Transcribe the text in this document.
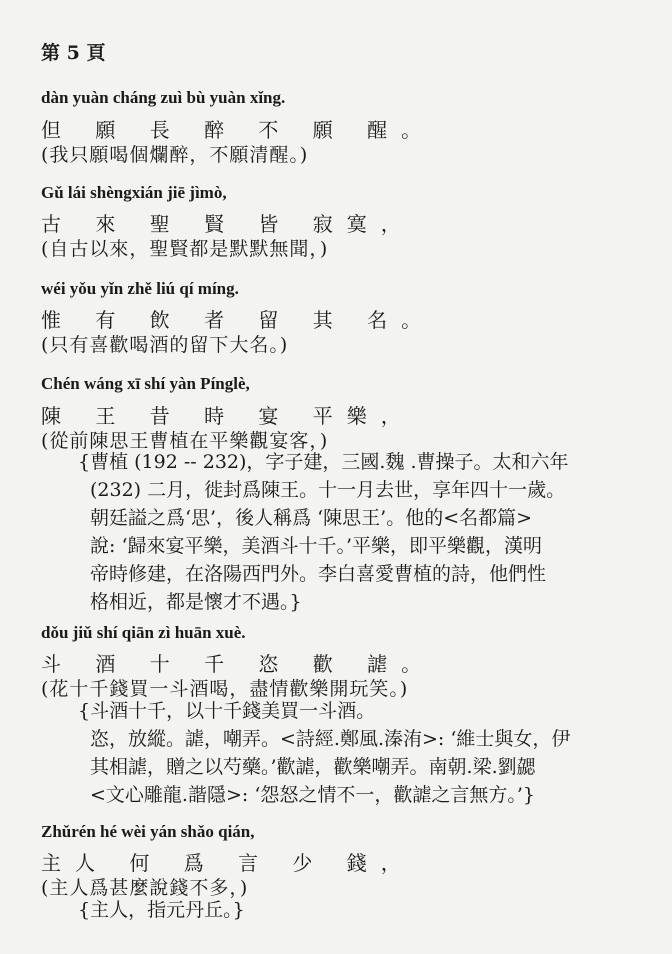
第 5 頁
dàn yuàn cháng zuì bù yuàn xǐng.
但 願 長 醉 不 願 醒。
(我只願喝個爛醉，不願清醒。)
Gǔ lái shèngxián jiē jìmò,
古 來 聖 賢 皆 寂寞，
(自古以來，聖賢都是默默無聞，)
wéi yǒu yǐn zhě liú qí míng.
惟 有 飲 者 留 其 名。
(只有喜歡喝酒的留下大名。)
Chén wáng xī shí yàn Pínglè,
陳 王 昔 時 宴 平樂，
(從前陳思王曹植在平樂觀宴客，)

{曹植 (192 -- 232)，字子建，三國.魏 .曹操子。太和六年

(232) 二月，徙封爲陳王。十一月去世，享年四十一歲。

朝廷謚之爲‘思’，後人稱爲 ‘陳思王’。他的<名都篇>

說: ‘歸來宴平樂，美酒斗十千。’平樂，即平樂觀，漢明

帝時修建，在洛陽西門外。李白喜愛曹植的詩，他們性

格相近，都是懷才不遇。}

dǒu jiǔ shí qiān zì huān xuè.
斗 酒 十 千 恣 歡 謔。
(花十千錢買一斗酒喝，盡情歡樂開玩笑。)

{斗酒十千，以十千錢美買一斗酒。

恣，放縱。謔，嘲弄。<詩經.鄭風.溱洧>: ‘維士與女，伊

其相謔，贈之以芍藥。’歡謔，歡樂嘲弄。南朝.梁.劉勰

<文心雕龍.諧隱>: ‘怨怒之情不一，歡謔之言無方。’}

Zhǔrén hé wèi yán shǎo qián,
主人 何 爲 言 少 錢，
(主人爲甚麼說錢不多，)

{主人，指元丹丘。}
